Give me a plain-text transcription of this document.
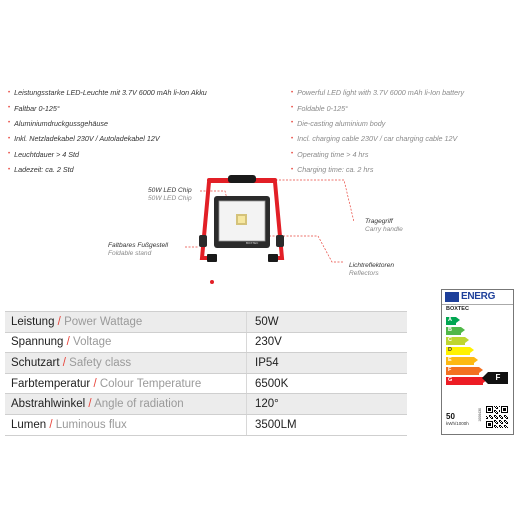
• Leistungsstarke LED-Leuchte mit 3.7V 6000 mAh li-Ion Akku
• Faltbar 0-125°
• Aluminiumdruckgussgehäuse
• Inkl. Netzladekabel 230V / Autoladekabel 12V
• Leuchtdauer > 4 Std
• Ladezeit: ca. 2 Std
• Powerful LED light with 3.7V 6000 mAh li-Ion battery
• Foldable 0-125°
• Die-casting aluminium body
• Incl. charging cable 230V / car charging cable 12V
• Operating time > 4 hrs
• Charging time: ca. 2 hrs
BOXTEC
50W LED Chip
50W LED Chip
Faltbares Fußgestell
Foldable stand
Tragegriff
Carry handle
Lichtreflektoren
Reflectors
Leistung / Power Wattage	50W
Spannung / Voltage	230V
Schutzart / Safety class	IP54
Farbtemperatur / Colour Temperature	6500K
Abstrahlwinkel / Angle of radiation	120°
Lumen / Luminous flux	3500LM
ENERG
BOXTEC
A
B
C
D
E
F
G	F
50
kWh/1000h
1006430
